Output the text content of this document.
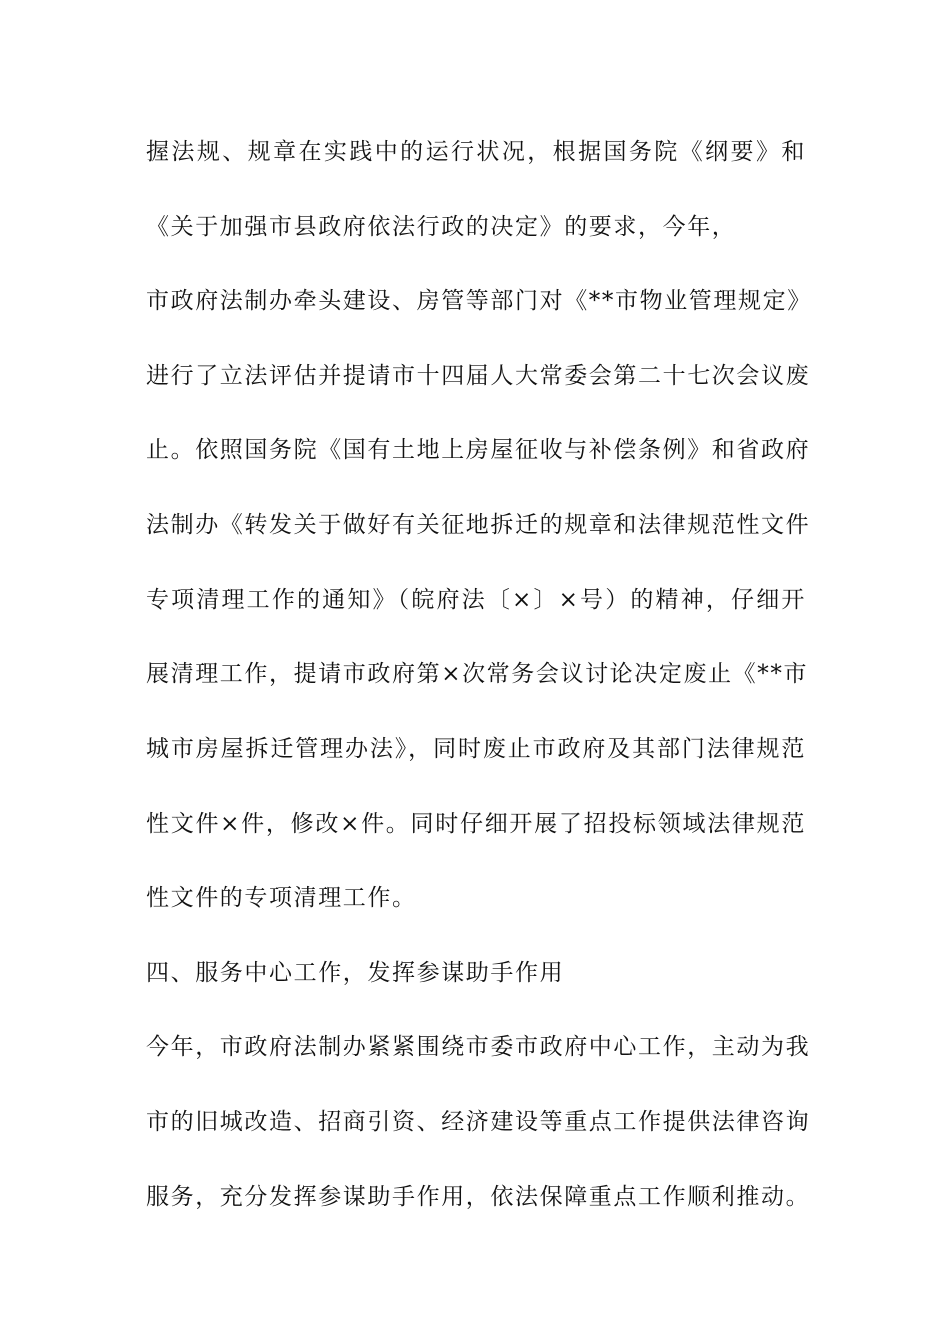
握法规、规章在实践中的运行状况，根据国务院《纲要》和
《关于加强市县政府依法行政的决定》的要求，今年，
市政府法制办牵头建设、房管等部门对《**市物业管理规定》
进行了立法评估并提请市十四届人大常委会第二十七次会议废
止。依照国务院《国有土地上房屋征收与补偿条例》和省政府
法制办《转发关于做好有关征地拆迁的规章和法律规范性文件
专项清理工作的通知》（皖府法〔×〕×号）的精神，仔细开
展清理工作，提请市政府第×次常务会议讨论决定废止《**市
城市房屋拆迁管理办法》，同时废止市政府及其部门法律规范
性文件×件，修改×件。同时仔细开展了招投标领域法律规范
性文件的专项清理工作。
四、服务中心工作，发挥参谋助手作用
今年，市政府法制办紧紧围绕市委市政府中心工作，主动为我
市的旧城改造、招商引资、经济建设等重点工作提供法律咨询
服务，充分发挥参谋助手作用，依法保障重点工作顺利推动。
